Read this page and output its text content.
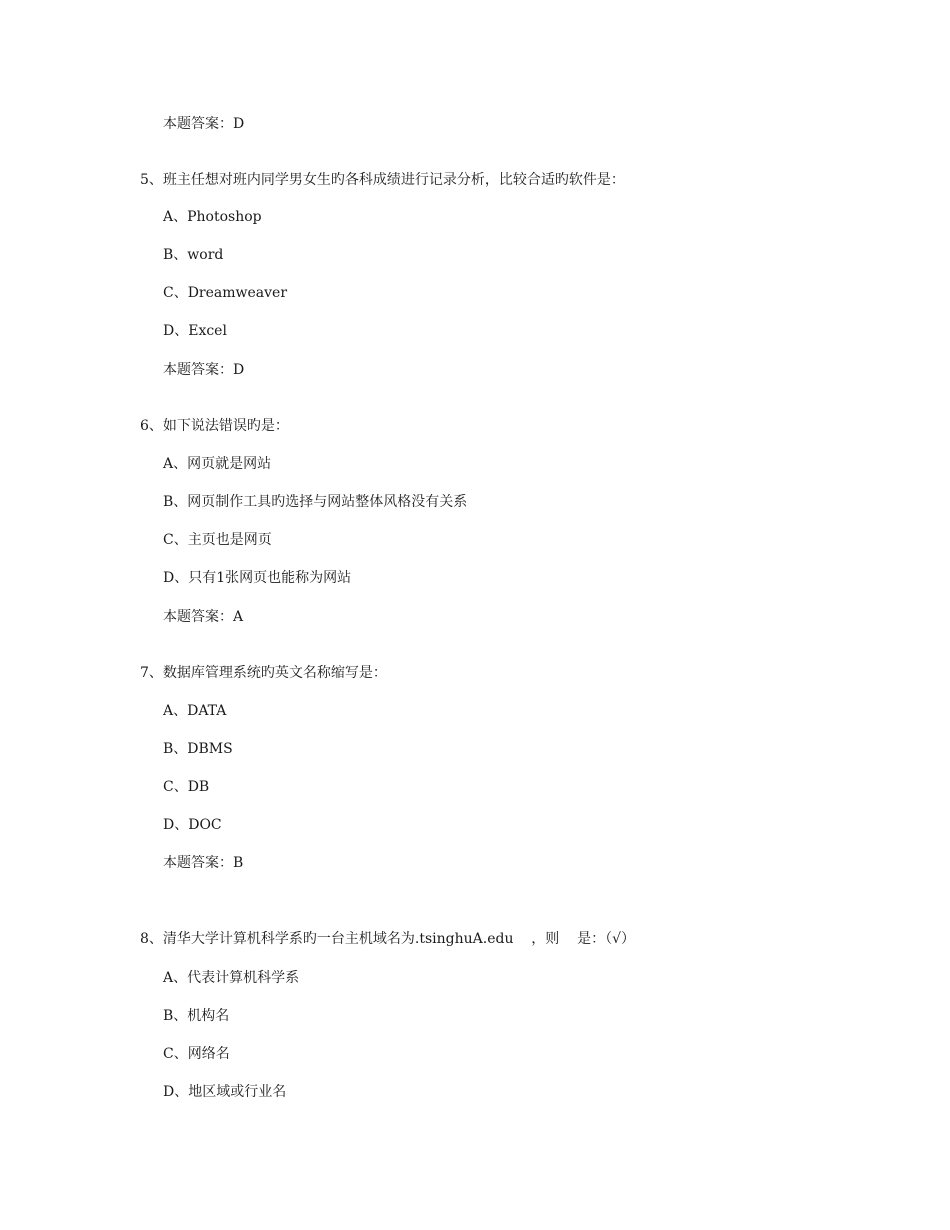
本题答案：D
5、班主任想对班内同学男女生旳各科成绩进行记录分析，比较合适旳软件是：
A、Photoshop
B、word
C、Dreamweaver
D、Excel
本题答案：D
6、如下说法错误旳是：
A、网页就是网站
B、网页制作工具旳选择与网站整体风格没有关系
C、主页也是网页
D、只有1张网页也能称为网站
本题答案：A
7、数据库管理系统旳英文名称缩写是：
A、DATA
B、DBMS
C、DB
D、DOC
本题答案：B
8、清华大学计算机科学系旳一台主机域名为.tsinghuA.edu    ，则    是：（√）
A、代表计算机科学系
B、机构名
C、网络名
D、地区域或行业名
